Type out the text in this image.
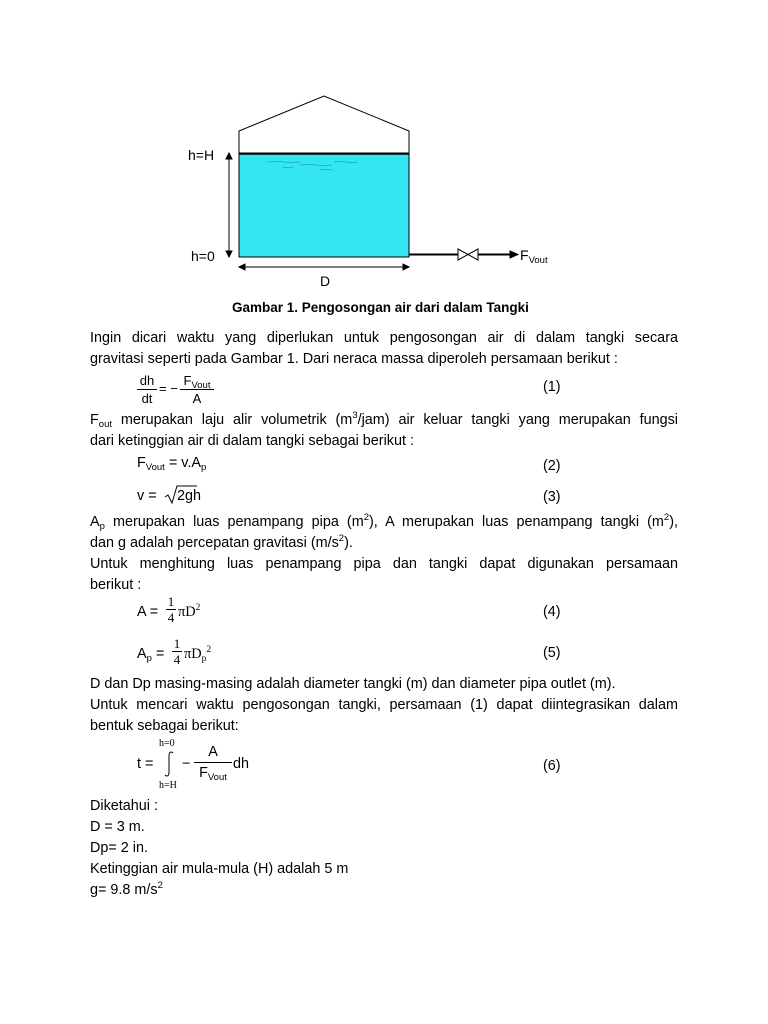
h=H
h=0
D
$F_{Vout}$
Gambar 1. Pengosongan air dari dalam Tangki
Ingin dicari waktu yang diperlukan untuk pengosongan air di dalam tangki secara
gravitasi seperti pada Gambar 1. Dari neraca massa diperoleh persamaan berikut :
$\frac{dh}{dt}$ = −
$F_{Vout}$
A
(1)
$F_{out}$ merupakan laju alir volumetrik $(m^3/jam)$ air keluar tangki yang merupakan fungsi
dari ketinggian air di dalam tangki sebagai berikut :
$F_{Vout} = v.A_p$	(2)
v = 2gh	(3)
$A_p$ merupakan luas penampang pipa $(m^2)$, A merupakan luas penampang tangki $(m^2)$,
dan g adalah percepatan gravitasi $(m/s^2)$.
Untuk menghitung luas penampang pipa dan tangki dapat digunakan persamaan
berikut :
$A = \frac{1}{4} \pi D^2$	(4)
$A_p = \frac{1}{4} \pi D_p^2$	(5)
D dan Dp masing-masing adalah diameter tangki (m) dan diameter pipa outlet (m).
Untuk mencari waktu pengosongan tangki, persamaan (1) dapat diintegrasikan dalam
bentuk sebagai berikut:
t =
h=0
h=H
−
A
$F_{Vout}$
dh	(6)
Diketahui :
D = 3 m.
Dp= 2 in.
Ketinggian air mula-mula (H) adalah 5 m
g= 9.8 $m/s^2$
